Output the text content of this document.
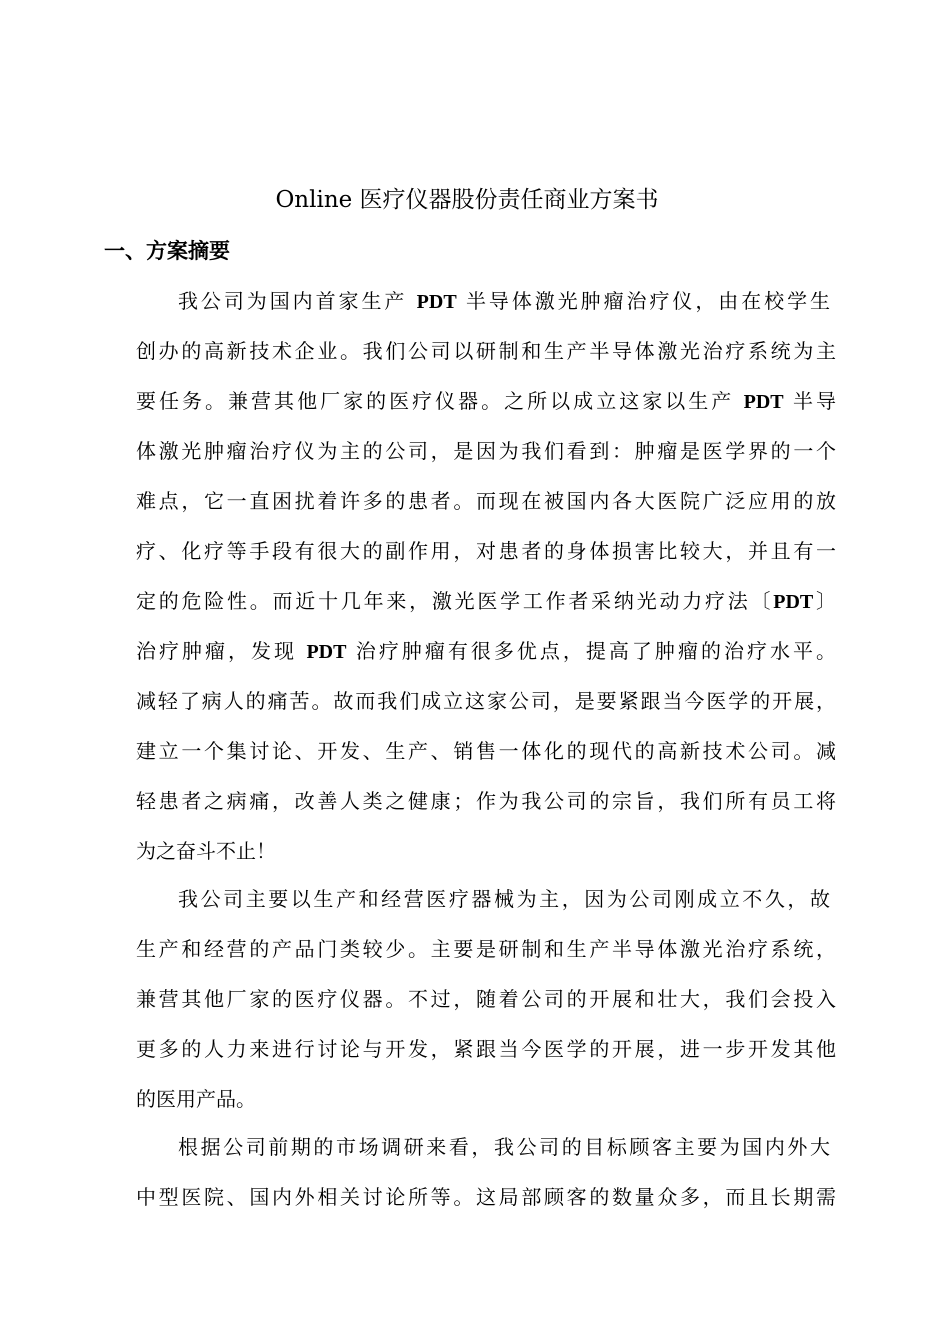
Online 医疗仪器股份责任商业方案书
一、方案摘要
我公司为国内首家生产 PDT 半导体激光肿瘤治疗仪，由在校学生
创办的高新技术企业。我们公司以研制和生产半导体激光治疗系统为主
要任务。兼营其他厂家的医疗仪器。之所以成立这家以生产 PDT 半导
体激光肿瘤治疗仪为主的公司，是因为我们看到：肿瘤是医学界的一个
难点，它一直困扰着许多的患者。而现在被国内各大医院广泛应用的放
疗、化疗等手段有很大的副作用，对患者的身体损害比较大，并且有一
定的危险性。而近十几年来，激光医学工作者采纳光动力疗法〔PDT〕
治疗肿瘤，发现 PDT 治疗肿瘤有很多优点，提高了肿瘤的治疗水平。
减轻了病人的痛苦。故而我们成立这家公司，是要紧跟当今医学的开展，
建立一个集讨论、开发、生产、销售一体化的现代的高新技术公司。减
轻患者之病痛，改善人类之健康；作为我公司的宗旨，我们所有员工将
为之奋斗不止！
我公司主要以生产和经营医疗器械为主，因为公司刚成立不久，故
生产和经营的产品门类较少。主要是研制和生产半导体激光治疗系统，
兼营其他厂家的医疗仪器。不过，随着公司的开展和壮大，我们会投入
更多的人力来进行讨论与开发，紧跟当今医学的开展，进一步开发其他
的医用产品。
根据公司前期的市场调研来看，我公司的目标顾客主要为国内外大
中型医院、国内外相关讨论所等。这局部顾客的数量众多，而且长期需
